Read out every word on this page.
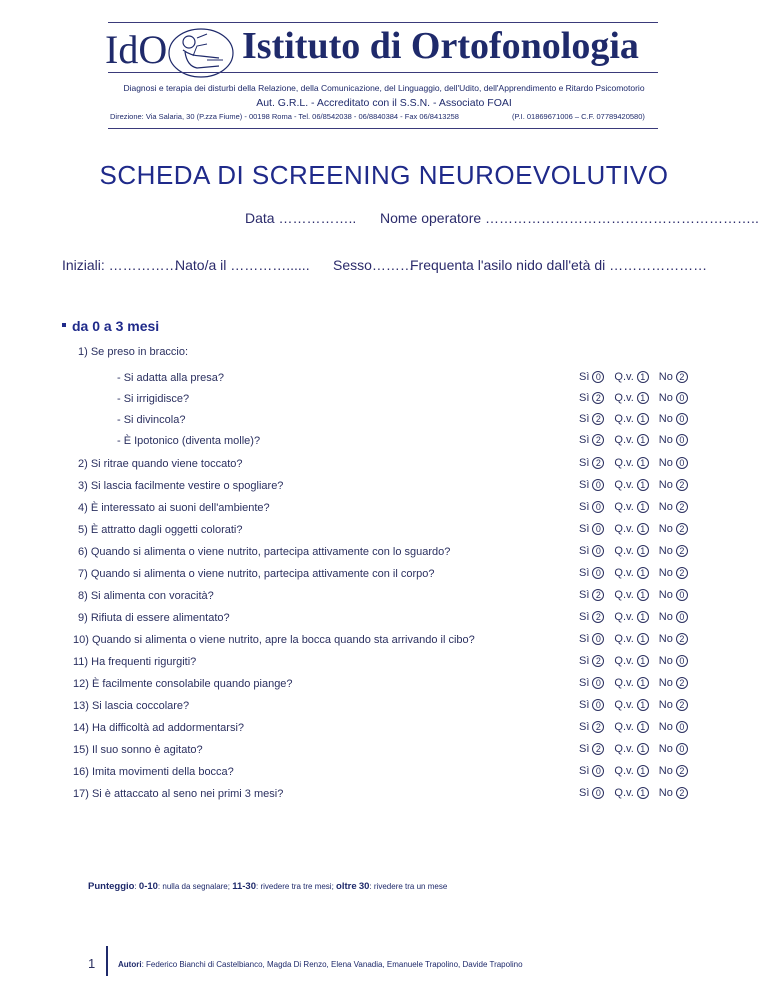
IdO Istituto di Ortofonologia
Diagnosi e terapia dei disturbi della Relazione, della Comunicazione, del Linguaggio, dell'Udito, dell'Apprendimento e Ritardo Psicomotorio
Aut. G.R.L. - Accreditato con il S.S.N. - Associato FOAI
Direzione: Via Salaria, 30 (P.zza Fiume) - 00198 Roma - Tel. 06/8542038 - 06/8840384 - Fax 06/8413258	(P.I. 01869671006 – C.F. 07789420580)
SCHEDA DI SCREENING NEUROEVOLUTIVO
Data …………….. Nome operatore …………………………………………………..
Iniziali: ……………
Nato/a il …………...... Sesso………
Frequenta l'asilo nido dall'età di …………………
da 0 a 3 mesi
1) Se preso in braccio:
- Si adatta alla presa?	Sì 0	Q.v. 1	No 2
- Si irrigidisce?	Sì 2	Q.v. 1	No 0
- Si divincola?	Sì 2	Q.v. 1	No 0
- È Ipotonico (diventa molle)?	Sì 2	Q.v. 1	No 0
2) Si ritrae quando viene toccato?	Sì 2	Q.v. 1	No 0
3) Si lascia facilmente vestire o spogliare?	Sì 0	Q.v. 1	No 2
4) È interessato ai suoni dell'ambiente?	Sì 0	Q.v. 1	No 2
5) È attratto dagli oggetti colorati?	Sì 0	Q.v. 1	No 2
6) Quando si alimenta o viene nutrito, partecipa attivamente con lo sguardo?	Sì 0	Q.v. 1	No 2
7) Quando si alimenta o viene nutrito, partecipa attivamente con il corpo?	Sì 0	Q.v. 1	No 2
8) Si alimenta con voracità?	Sì 2	Q.v. 1	No 0
9) Rifiuta di essere alimentato?	Sì 2	Q.v. 1	No 0
10) Quando si alimenta o viene nutrito, apre la bocca quando sta arrivando il cibo?	Sì 0	Q.v. 1	No 2
11) Ha frequenti rigurgiti?	Sì 2	Q.v. 1	No 0
12) È facilmente consolabile quando piange?	Sì 0	Q.v. 1	No 2
13) Si lascia coccolare?	Sì 0	Q.v. 1	No 2
14) Ha difficoltà ad addormentarsi?	Sì 2	Q.v. 1	No 0
15) Il suo sonno è agitato?	Sì 2	Q.v. 1	No 0
16) Imita movimenti della bocca?	Sì 0	Q.v. 1	No 2
17) Si è attaccato al seno nei primi 3 mesi?	Sì 0	Q.v. 1	No 2
Punteggio: 0-10: nulla da segnalare; 11-30: rivedere tra tre mesi; oltre 30: rivedere tra un mese
1	Autori: Federico Bianchi di Castelbianco, Magda Di Renzo, Elena Vanadia, Emanuele Trapolino, Davide Trapolino
